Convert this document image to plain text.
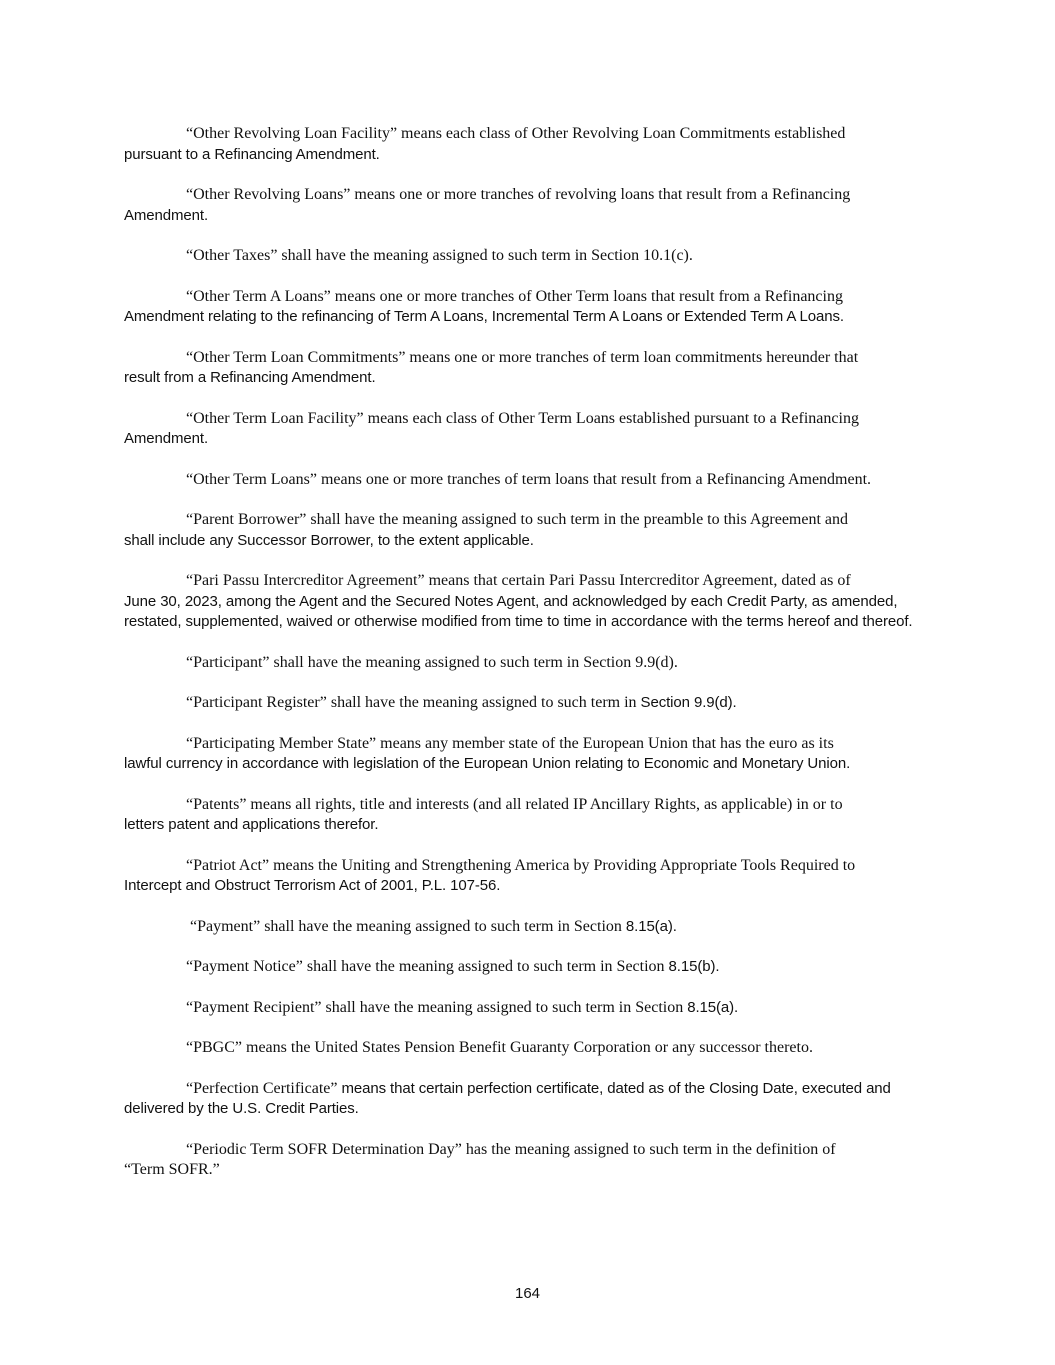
“Other Revolving Loan Facility” means each class of Other Revolving Loan Commitments established
pursuant to a Refinancing Amendment.

“Other Revolving Loans” means one or more tranches of revolving loans that result from a Refinancing
Amendment.

“Other Taxes” shall have the meaning assigned to such term in Section 10.1(c).

“Other Term A Loans” means one or more tranches of Other Term loans that result from a Refinancing
Amendment relating to the refinancing of Term A Loans, Incremental Term A Loans or Extended Term A Loans.

“Other Term Loan Commitments” means one or more tranches of term loan commitments hereunder that
result from a Refinancing Amendment.

“Other Term Loan Facility” means each class of Other Term Loans established pursuant to a Refinancing
Amendment.

“Other Term Loans” means one or more tranches of term loans that result from a Refinancing Amendment.

“Parent Borrower” shall have the meaning assigned to such term in the preamble to this Agreement and
shall include any Successor Borrower, to the extent applicable.

“Pari Passu Intercreditor Agreement” means that certain Pari Passu Intercreditor Agreement, dated as of
June 30, 2023, among the Agent and the Secured Notes Agent, and acknowledged by each Credit Party, as amended, restated, supplemented, waived or otherwise modified from time to time in accordance with the terms hereof and thereof.

“Participant” shall have the meaning assigned to such term in Section 9.9(d).

“Participant Register” shall have the meaning assigned to such term in Section 9.9(d).

“Participating Member State” means any member state of the European Union that has the euro as its
lawful currency in accordance with legislation of the European Union relating to Economic and Monetary Union.

“Patents” means all rights, title and interests (and all related IP Ancillary Rights, as applicable) in or to
letters patent and applications therefor.

“Patriot Act” means the Uniting and Strengthening America by Providing Appropriate Tools Required to
Intercept and Obstruct Terrorism Act of 2001, P.L. 107-56.

“Payment” shall have the meaning assigned to such term in Section 8.15(a).

“Payment Notice” shall have the meaning assigned to such term in Section 8.15(b).

“Payment Recipient” shall have the meaning assigned to such term in Section 8.15(a).

“PBGC” means the United States Pension Benefit Guaranty Corporation or any successor thereto.

“Perfection Certificate” means that certain perfection certificate, dated as of the Closing Date, executed and
delivered by the U.S. Credit Parties.

“Periodic Term SOFR Determination Day” has the meaning assigned to such term in the definition of
“Term SOFR.”

164
